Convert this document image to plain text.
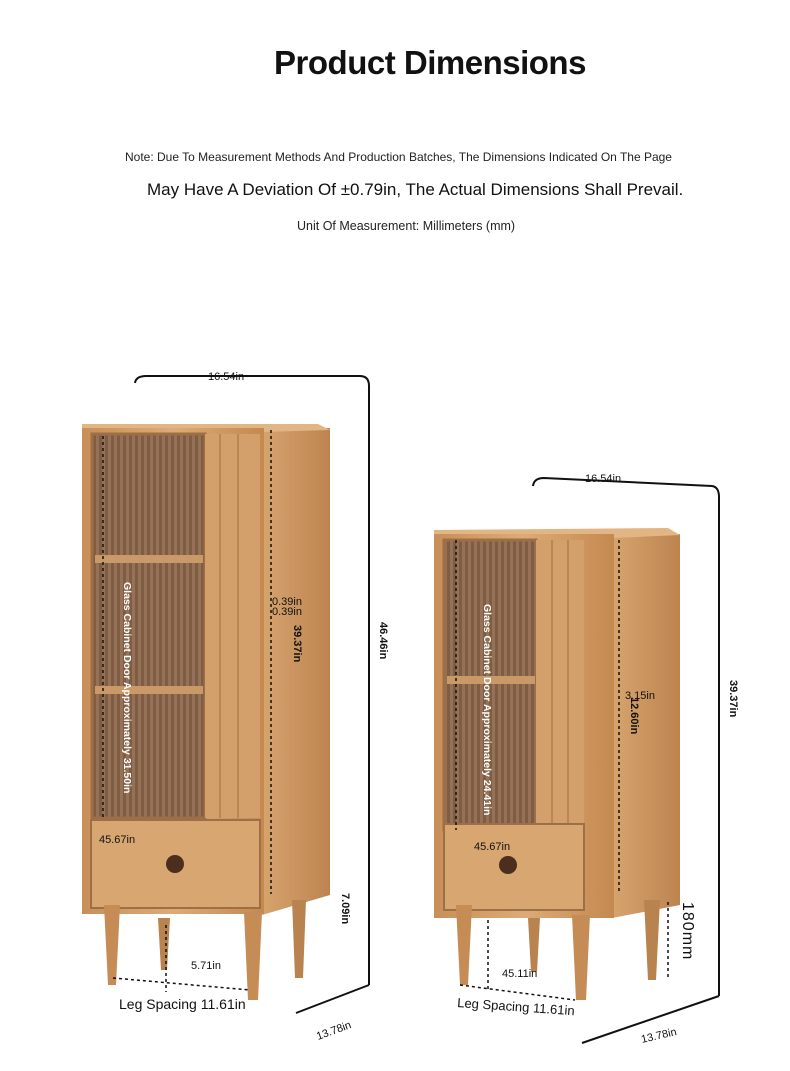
Product Dimensions
Note: Due To Measurement Methods And Production Batches, The Dimensions Indicated On The Page
May Have A Deviation Of ±0.79in, The Actual Dimensions Shall Prevail.
Unit Of Measurement: Millimeters (mm)
16.54in
0.39in
0.39in
39.37in	46.46in
Glass Cabinet Door Approximately 31.50in
45.67in
7.09in
5.71in
Leg Spacing 11.61in
13.78in
16.54in
3.15in
12.60in	39.37in
Glass Cabinet Door Approximately 24.41in
45.67in
180mm
45.11in
Leg Spacing 11.61in
13.78in
